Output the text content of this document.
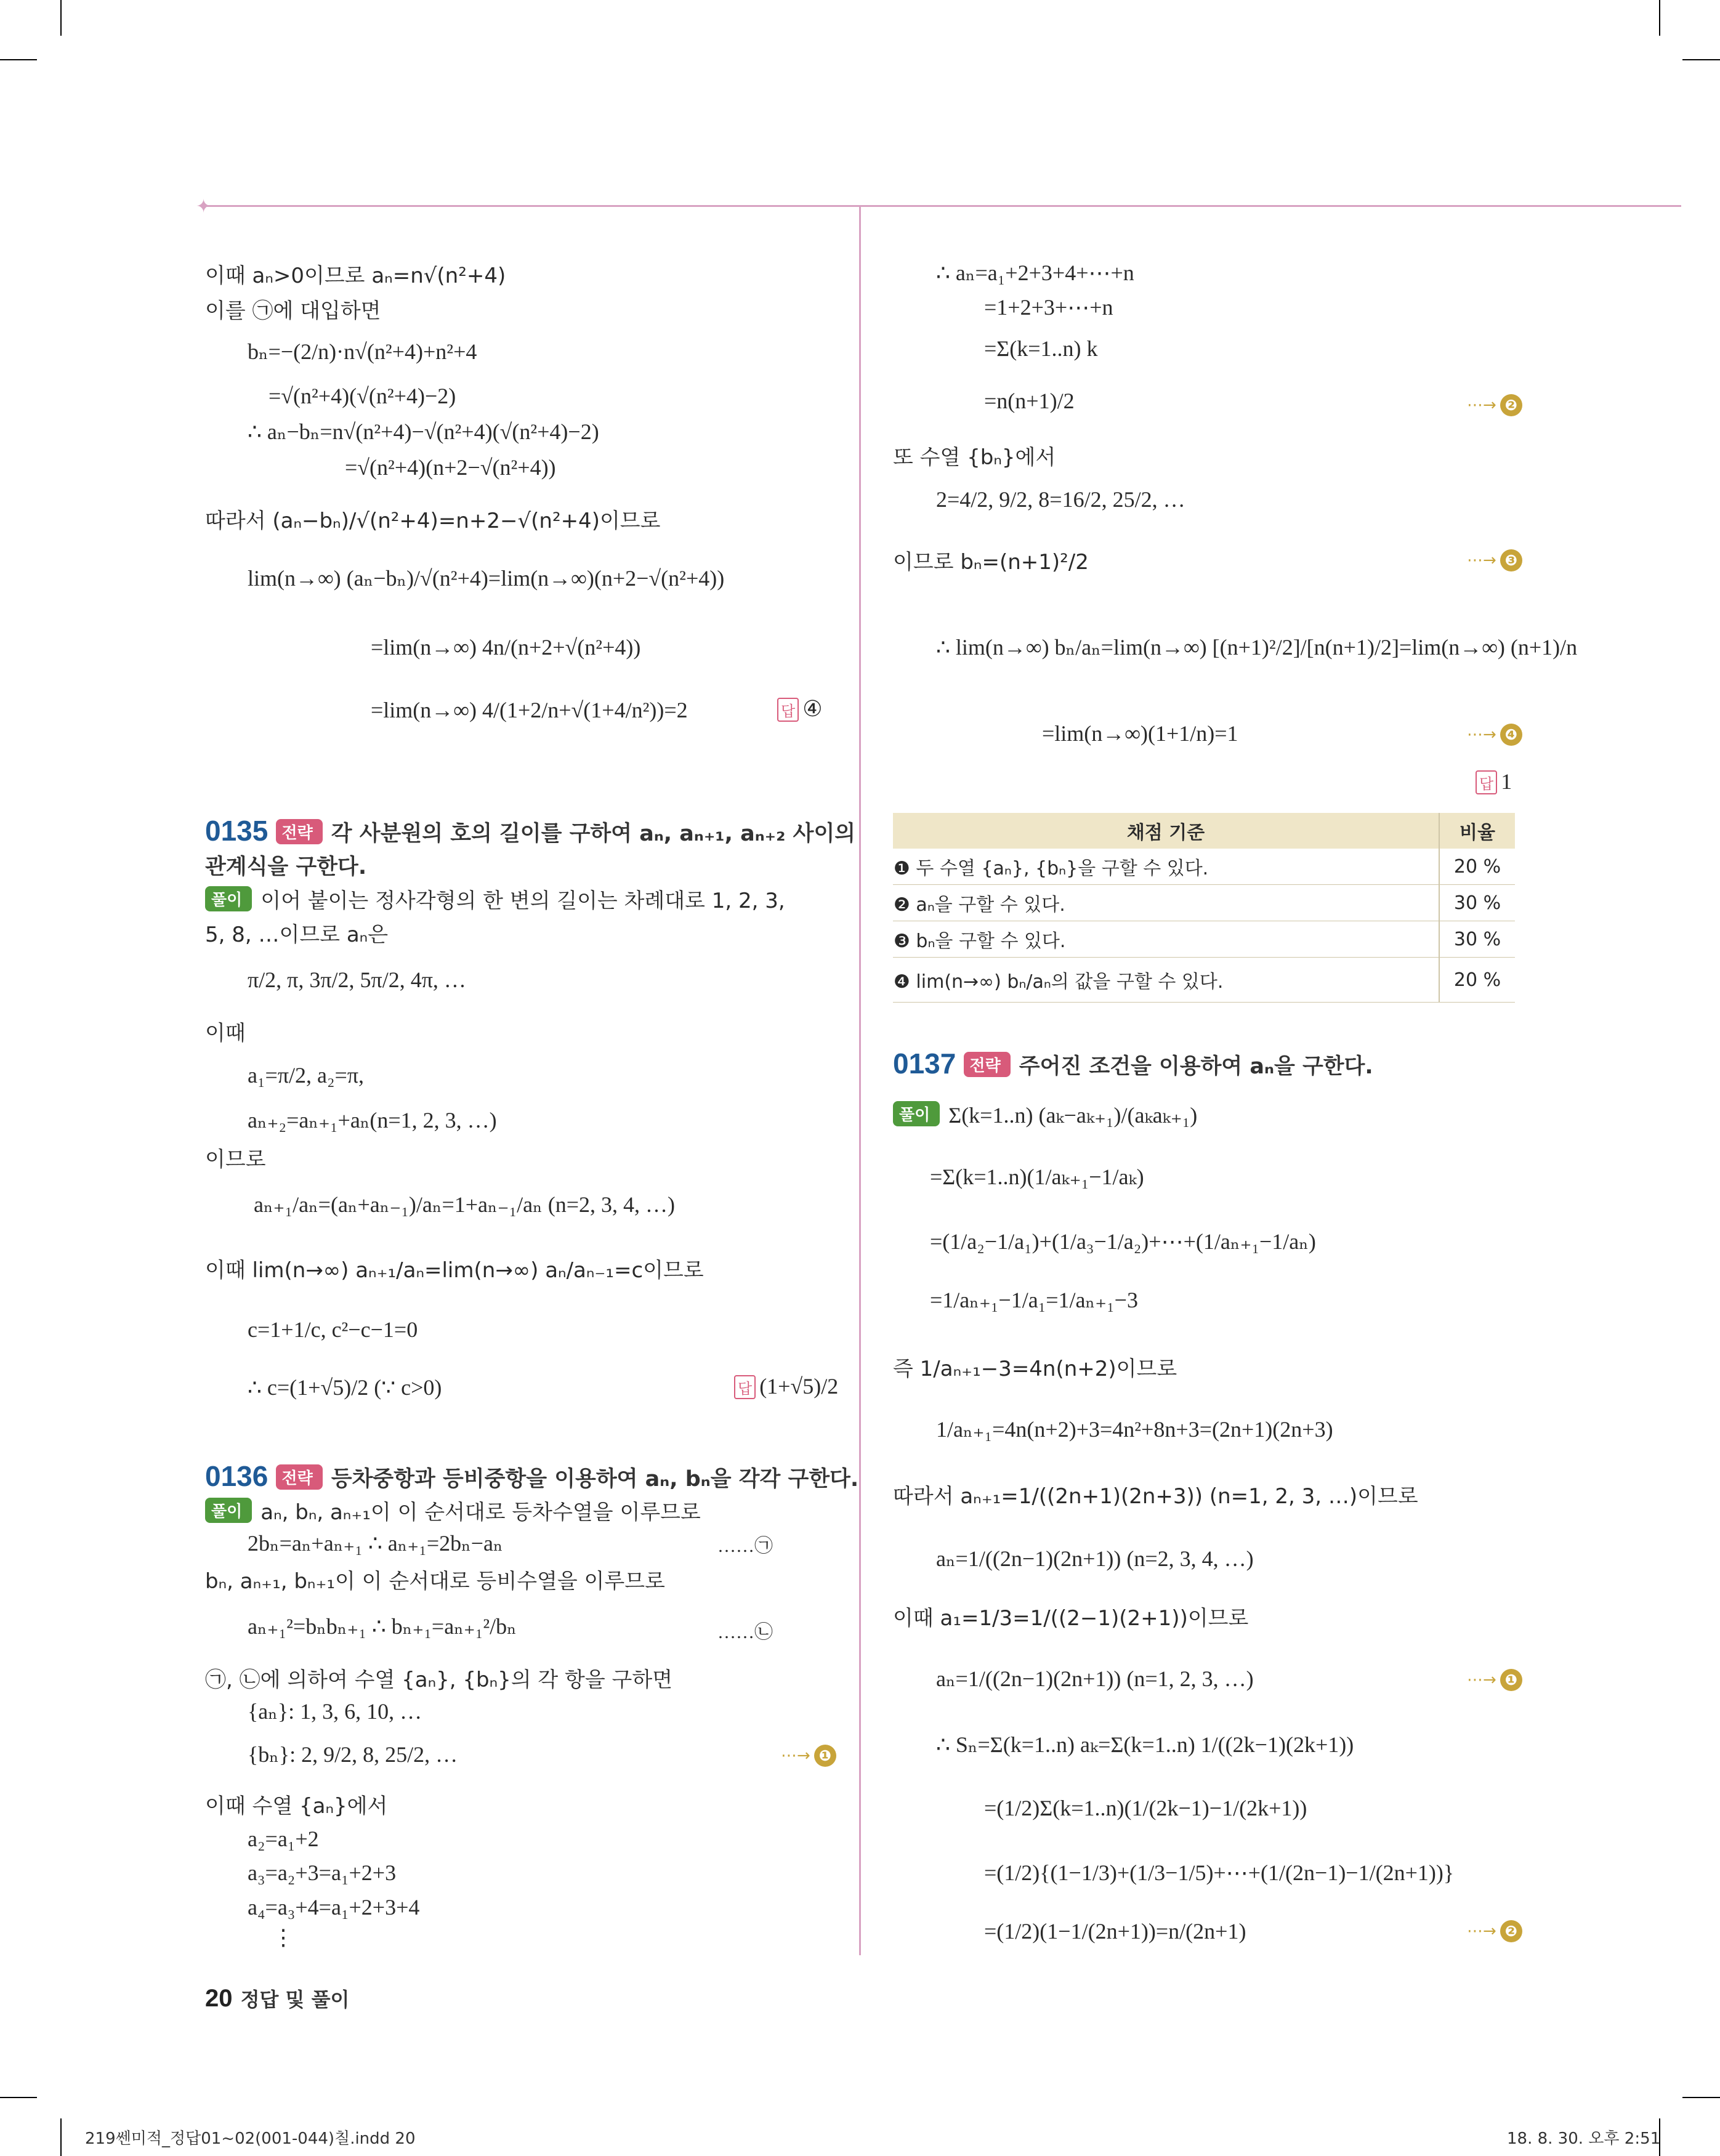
✦
이때 aₙ>0이므로 aₙ=n√(n²+4)
이를 ㉠에 대입하면
bₙ=−(2/n)·n√(n²+4)+n²+4
=√(n²+4)(√(n²+4)−2)
∴ aₙ−bₙ=n√(n²+4)−√(n²+4)(√(n²+4)−2)
=√(n²+4)(n+2−√(n²+4))
따라서 (aₙ−bₙ)/√(n²+4)=n+2−√(n²+4)이므로
lim(n→∞) (aₙ−bₙ)/√(n²+4)=lim(n→∞)(n+2−√(n²+4))
=lim(n→∞) 4n/(n+2+√(n²+4))
=lim(n→∞) 4/(1+2/n+√(1+4/n²))=2	답 ④
0135 전략 각 사분원의 호의 길이를 구하여 aₙ, aₙ₊₁, aₙ₊₂ 사이의
관계식을 구한다.
풀이 이어 붙이는 정사각형의 한 변의 길이는 차례대로 1, 2, 3,
5, 8, …이므로 aₙ은
π/2, π, 3π/2, 5π/2, 4π, …
이때
a₁=π/2, a₂=π,
aₙ₊₂=aₙ₊₁+aₙ(n=1, 2, 3, …)
이므로
aₙ₊₁/aₙ=(aₙ+aₙ₋₁)/aₙ=1+aₙ₋₁/aₙ (n=2, 3, 4, …)
이때 lim(n→∞) aₙ₊₁/aₙ=lim(n→∞) aₙ/aₙ₋₁=c이므로
c=1+1/c, c²−c−1=0
∴ c=(1+√5)/2 (∵ c>0)	답 (1+√5)/2
0136 전략 등차중항과 등비중항을 이용하여 aₙ, bₙ을 각각 구한다.
풀이 aₙ, bₙ, aₙ₊₁이 이 순서대로 등차수열을 이루므로
2bₙ=aₙ+aₙ₊₁ ∴ aₙ₊₁=2bₙ−aₙ	……㉠
bₙ, aₙ₊₁, bₙ₊₁이 이 순서대로 등비수열을 이루므로
aₙ₊₁²=bₙbₙ₊₁ ∴ bₙ₊₁=aₙ₊₁²/bₙ	……㉡
㉠, ㉡에 의하여 수열 {aₙ}, {bₙ}의 각 항을 구하면
{aₙ}: 1, 3, 6, 10, …
{bₙ}: 2, 9/2, 8, 25/2, …	⋯→ ❶
이때 수열 {aₙ}에서
a₂=a₁+2
a₃=a₂+3=a₁+2+3
a₄=a₃+4=a₁+2+3+4
⋮
∴ aₙ=a₁+2+3+4+⋯+n
=1+2+3+⋯+n
=Σ(k=1..n) k
=n(n+1)/2	⋯→ ❷
또 수열 {bₙ}에서
2=4/2, 9/2, 8=16/2, 25/2, …
이므로 bₙ=(n+1)²/2	⋯→ ❸
∴ lim(n→∞) bₙ/aₙ=lim(n→∞) [(n+1)²/2]/[n(n+1)/2]=lim(n→∞) (n+1)/n
=lim(n→∞)(1+1/n)=1	⋯→ ❹
답 1
채점 기준	비율
❶ 두 수열 {aₙ}, {bₙ}을 구할 수 있다.	20 %
❷ aₙ을 구할 수 있다.	30 %
❸ bₙ을 구할 수 있다.	30 %
❹ lim(n→∞) bₙ/aₙ의 값을 구할 수 있다.	20 %
0137 전략 주어진 조건을 이용하여 aₙ을 구한다.
풀이 Σ(k=1..n) (aₖ−aₖ₊₁)/(aₖaₖ₊₁)
=Σ(k=1..n)(1/aₖ₊₁−1/aₖ)
=(1/a₂−1/a₁)+(1/a₃−1/a₂)+⋯+(1/aₙ₊₁−1/aₙ)
=1/aₙ₊₁−1/a₁=1/aₙ₊₁−3
즉 1/aₙ₊₁−3=4n(n+2)이므로
1/aₙ₊₁=4n(n+2)+3=4n²+8n+3=(2n+1)(2n+3)
따라서 aₙ₊₁=1/((2n+1)(2n+3)) (n=1, 2, 3, …)이므로
aₙ=1/((2n−1)(2n+1)) (n=2, 3, 4, …)
이때 a₁=1/3=1/((2−1)(2+1))이므로
aₙ=1/((2n−1)(2n+1)) (n=1, 2, 3, …)	⋯→ ❶
∴ Sₙ=Σ(k=1..n) aₖ=Σ(k=1..n) 1/((2k−1)(2k+1))
=(1/2)Σ(k=1..n)(1/(2k−1)−1/(2k+1))
=(1/2){(1−1/3)+(1/3−1/5)+⋯+(1/(2n−1)−1/(2n+1))}
=(1/2)(1−1/(2n+1))=n/(2n+1)	⋯→ ❷
20 정답 및 풀이
219쎈미적_정답01~02(001-044)칠.indd 20	18. 8. 30. 오후 2:51
